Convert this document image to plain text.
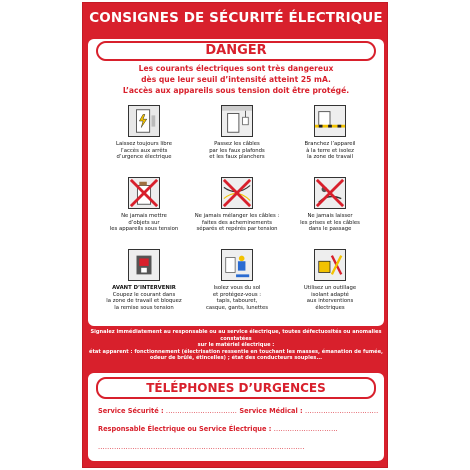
CONSIGNES DE SÉCURITÉ ÉLECTRIQUE
DANGER
Les courants électriques sont très dangereux
dès que leur seuil d’intensité atteint 25 mA.
L’accès aux appareils sous tension doit être protégé.
Laissez toujours libre
l’accès aux arrêts
d’urgence électrique
Passez les câbles
par les faux plafonds
et les faux planchers
Branchez l’appareil
à la terre et isolez
la zone de travail
Ne jamais mettre
d’objets sur
les appareils sous tension
Ne jamais mélanger les câbles :
faites des acheminements
séparés et repérés par tension
Ne jamais laisser
les prises et les câbles
dans le passage
AVANT D’INTERVENIR
Coupez le courant dans
la zone de travail et bloquez
la remise sous tension
Isolez vous du sol
et protégez-vous :
tapis, tabouret,
casque, gants, lunettes
Utilisez un outillage
isolant adapté
aux interventions
électriques
Signalez immédiatement au responsable ou au service électrique, toutes défectuosités ou anomalies constatées
sur le matériel électrique :
état apparent : fonctionnement (électrisation ressentie en touchant les masses, émanation de fumée,
odeur de brûlé, étincelles) ; état des conducteurs souples...
TÉLÉPHONES D’URGENCES
Service Sécurité : ............................... Service Médical : ................................
Responsable Électrique ou Service Électrique : ............................
..........................................................................................
